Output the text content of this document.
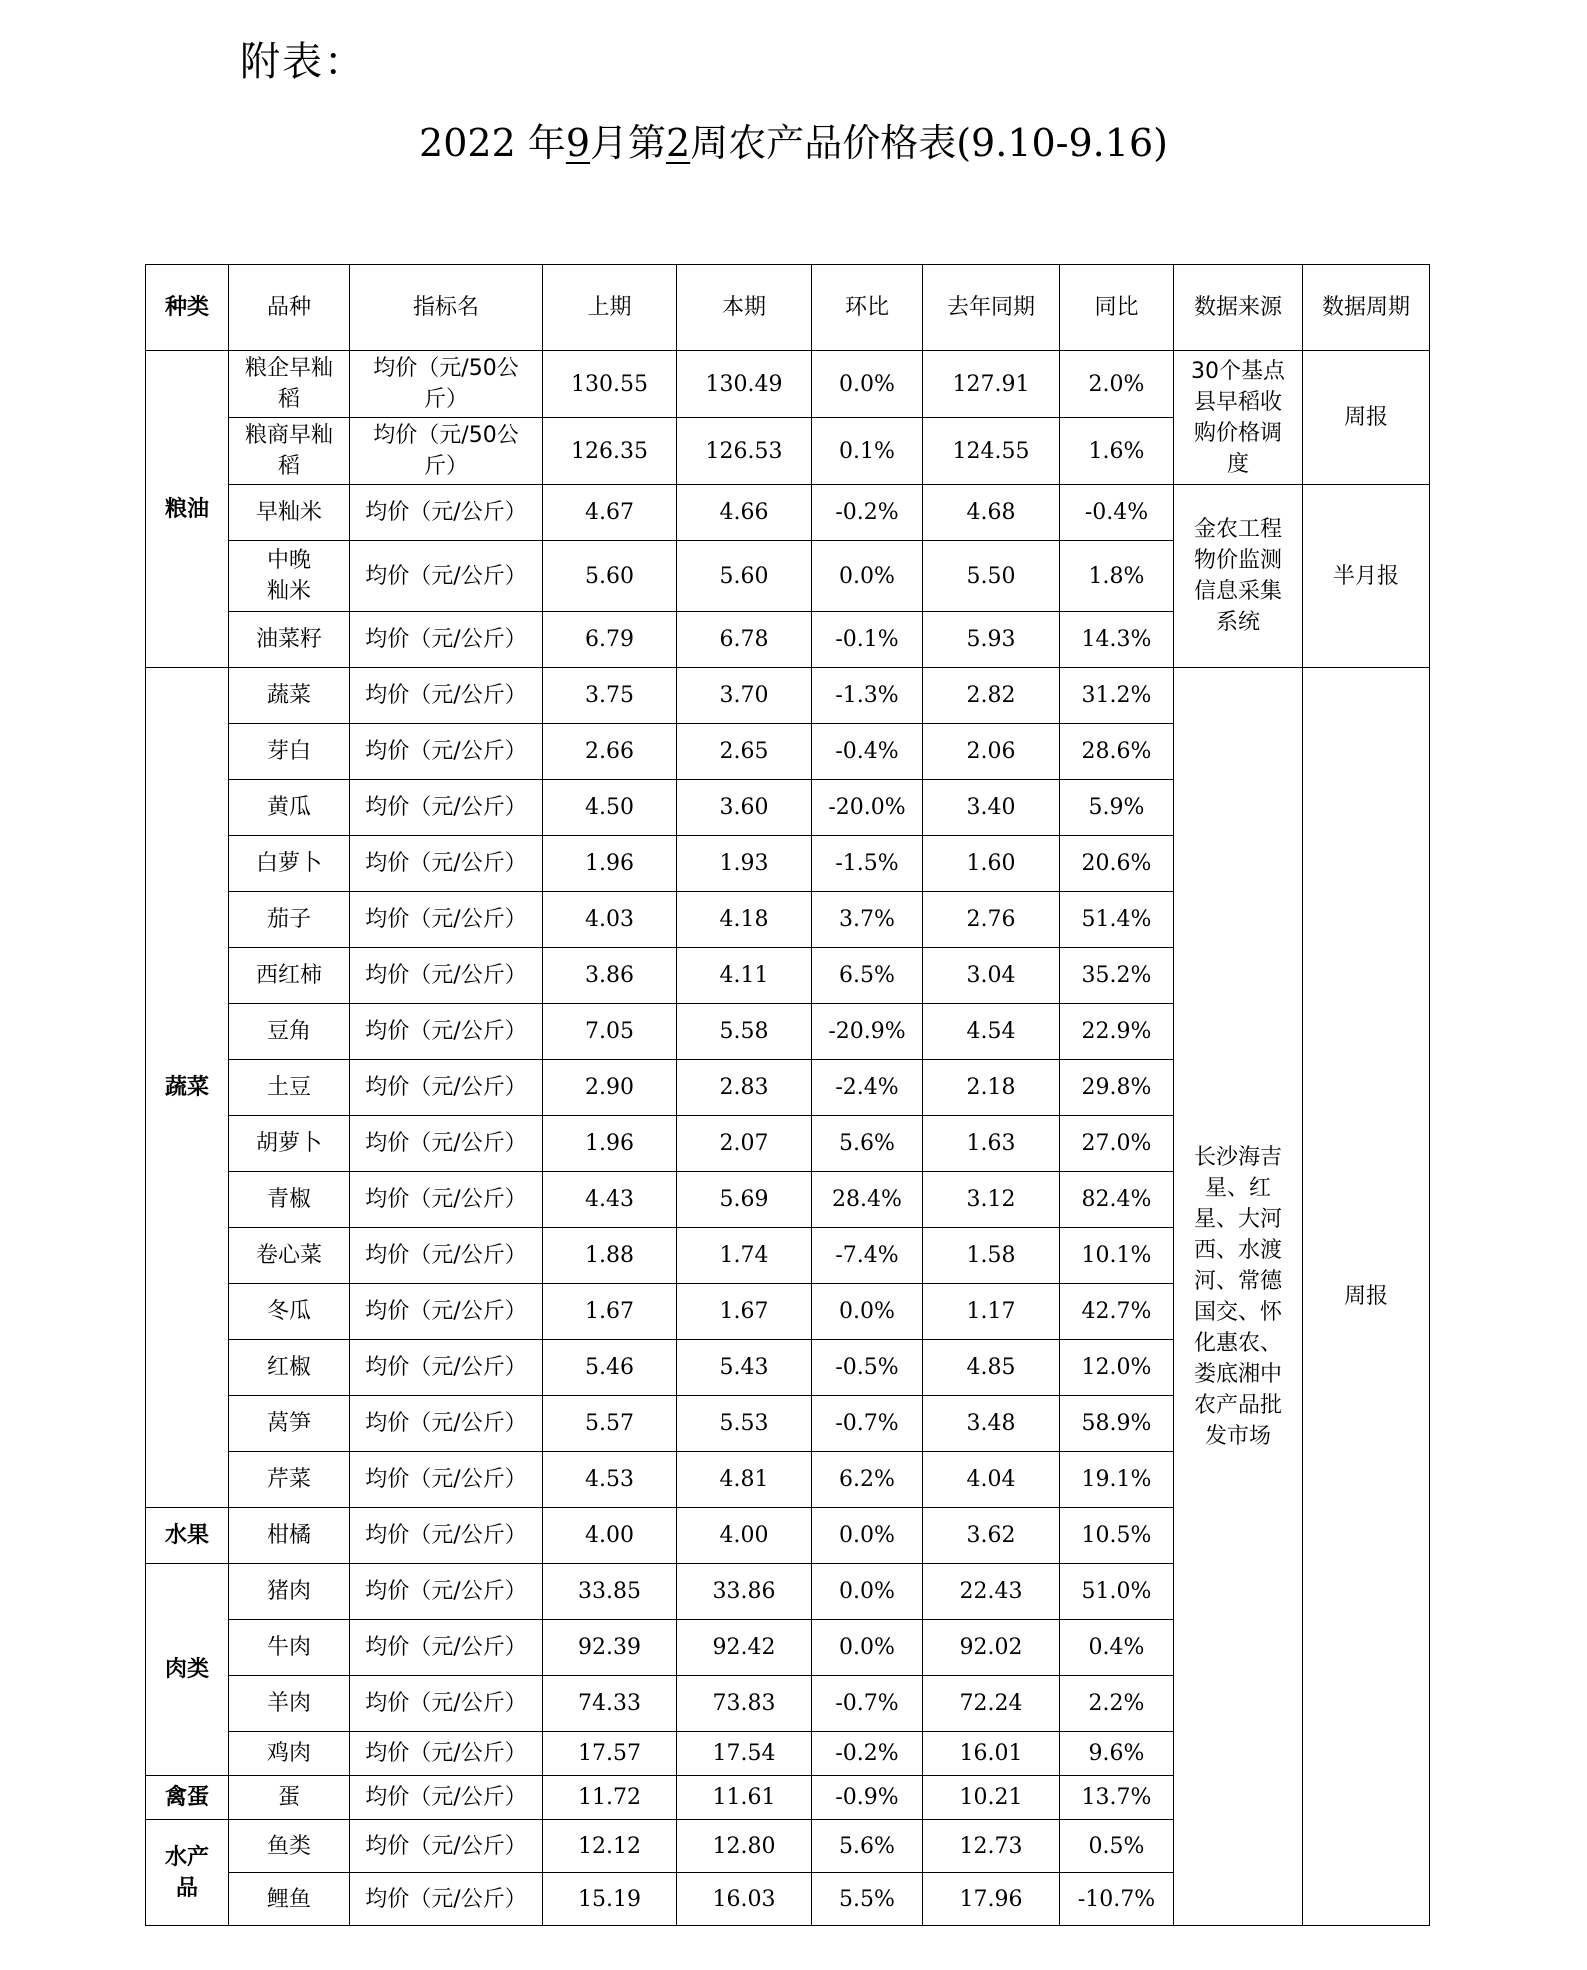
附表：
2022 年9月第2周农产品价格表(9.10-9.16)
种类	品种	指标名	上期	本期	环比	去年同期	同比	数据来源	数据周期
粮油	粮企早籼稻	均价（元/50公斤）	130.55	130.49	0.0%	127.91	2.0%	30个基点县早稻收购价格调度	周报
	粮商早籼稻	均价（元/50公斤）	126.35	126.53	0.1%	124.55	1.6%		
	早籼米	均价（元/公斤）	4.67	4.66	-0.2%	4.68	-0.4%	金农工程物价监测信息采集系统	半月报
	中晚籼米	均价（元/公斤）	5.60	5.60	0.0%	5.50	1.8%		
	油菜籽	均价（元/公斤）	6.79	6.78	-0.1%	5.93	14.3%		
蔬菜	蔬菜	均价（元/公斤）	3.75	3.70	-1.3%	2.82	31.2%	长沙海吉星、红星、大河西、水渡河、常德国交、怀化惠农、娄底湘中农产品批发市场	周报
	芽白	均价（元/公斤）	2.66	2.65	-0.4%	2.06	28.6%		
	黄瓜	均价（元/公斤）	4.50	3.60	-20.0%	3.40	5.9%		
	白萝卜	均价（元/公斤）	1.96	1.93	-1.5%	1.60	20.6%		
	茄子	均价（元/公斤）	4.03	4.18	3.7%	2.76	51.4%		
	西红柿	均价（元/公斤）	3.86	4.11	6.5%	3.04	35.2%		
	豆角	均价（元/公斤）	7.05	5.58	-20.9%	4.54	22.9%		
	土豆	均价（元/公斤）	2.90	2.83	-2.4%	2.18	29.8%		
	胡萝卜	均价（元/公斤）	1.96	2.07	5.6%	1.63	27.0%		
	青椒	均价（元/公斤）	4.43	5.69	28.4%	3.12	82.4%		
	卷心菜	均价（元/公斤）	1.88	1.74	-7.4%	1.58	10.1%		
	冬瓜	均价（元/公斤）	1.67	1.67	0.0%	1.17	42.7%		
	红椒	均价（元/公斤）	5.46	5.43	-0.5%	4.85	12.0%		
	莴笋	均价（元/公斤）	5.57	5.53	-0.7%	3.48	58.9%		
	芹菜	均价（元/公斤）	4.53	4.81	6.2%	4.04	19.1%		
水果	柑橘	均价（元/公斤）	4.00	4.00	0.0%	3.62	10.5%		
肉类	猪肉	均价（元/公斤）	33.85	33.86	0.0%	22.43	51.0%		
	牛肉	均价（元/公斤）	92.39	92.42	0.0%	92.02	0.4%		
	羊肉	均价（元/公斤）	74.33	73.83	-0.7%	72.24	2.2%		
	鸡肉	均价（元/公斤）	17.57	17.54	-0.2%	16.01	9.6%		
禽蛋	蛋	均价（元/公斤）	11.72	11.61	-0.9%	10.21	13.7%		
水产品	鱼类	均价（元/公斤）	12.12	12.80	5.6%	12.73	0.5%		
	鲤鱼	均价（元/公斤）	15.19	16.03	5.5%	17.96	-10.7%		
